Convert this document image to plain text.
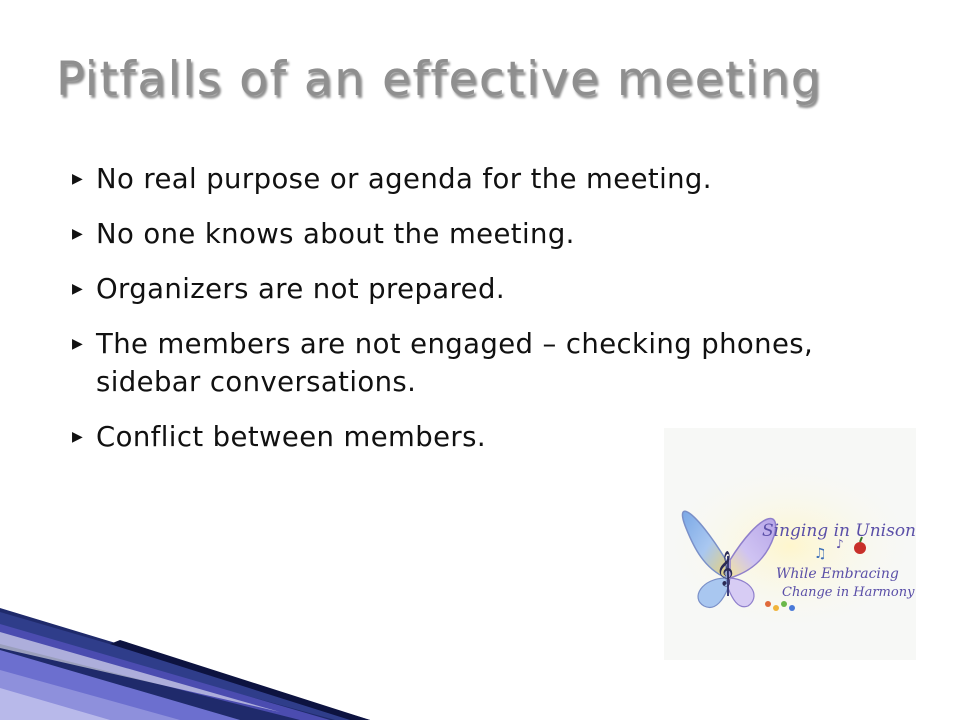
Pitfalls of an effective meeting
▶ No real purpose or agenda for the meeting.
▶ No one knows about the meeting.
▶ Organizers are not prepared.
▶ The members are not engaged – checking phones, sidebar conversations.
▶ Conflict between members.
𝄞	♫
♪
Singing in Unison
While Embracing
Change in Harmony
